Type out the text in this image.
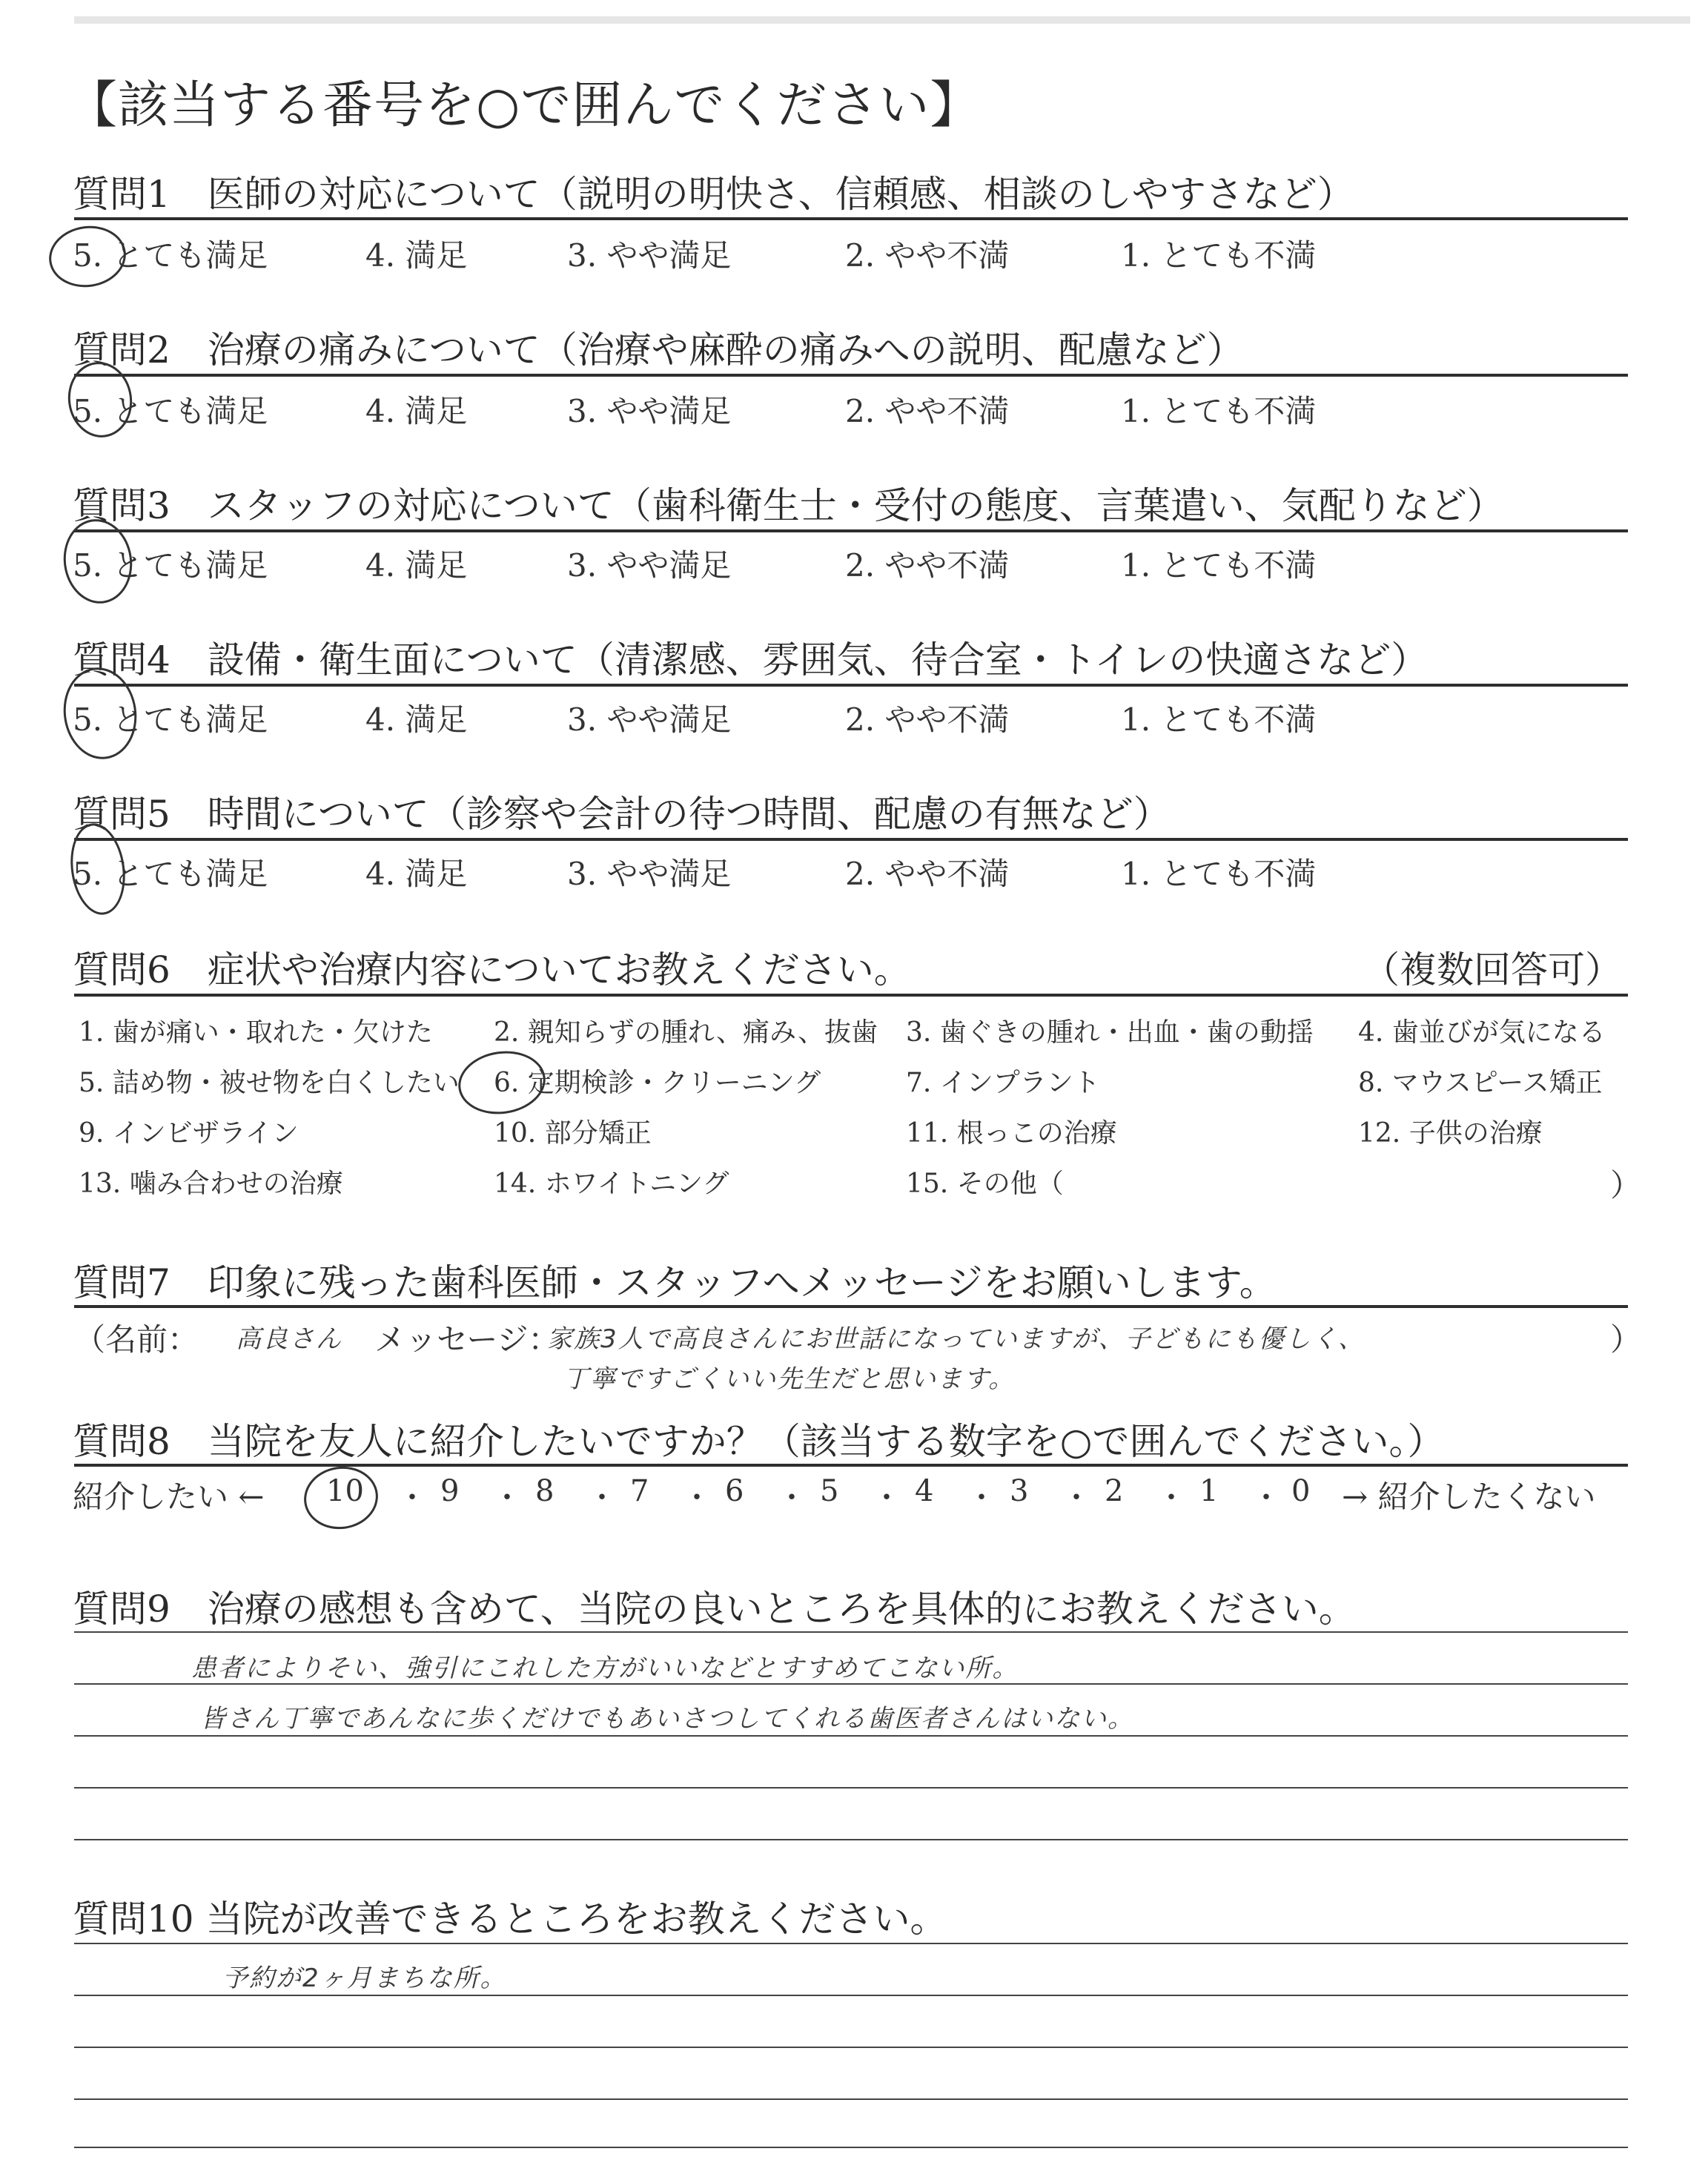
【該当する番号を○で囲んでください】
質問1　医師の対応について（説明の明快さ、信頼感、相談のしやすさなど）
5. とても満足	4. 満足	3. やや満足	2. やや不満	1. とても不満
質問2　治療の痛みについて（治療や麻酔の痛みへの説明、配慮など）
5. とても満足	4. 満足	3. やや満足	2. やや不満	1. とても不満
質問3　スタッフの対応について（歯科衛生士・受付の態度、言葉遣い、気配りなど）
5. とても満足	4. 満足	3. やや満足	2. やや不満	1. とても不満
質問4　設備・衛生面について（清潔感、雰囲気、待合室・トイレの快適さなど）
5. とても満足	4. 満足	3. やや満足	2. やや不満	1. とても不満
質問5　時間について（診察や会計の待つ時間、配慮の有無など）
5. とても満足	4. 満足	3. やや満足	2. やや不満	1. とても不満
質問6　症状や治療内容についてお教えください。	（複数回答可）
1. 歯が痛い・取れた・欠けた 2. 親知らずの腫れ、痛み、抜歯 3. 歯ぐきの腫れ・出血・歯の動揺 4. 歯並びが気になる
5. 詰め物・被せ物を白くしたい 6. 定期検診・クリーニング	7. インプラント	8. マウスピース矯正
9. インビザライン	10. 部分矯正	11. 根っこの治療	12. 子供の治療
13. 噛み合わせの治療	14. ホワイトニング	15. その他（	）
質問7　印象に残った歯科医師・スタッフへメッセージをお願いします。
（名前： 高良さん メッセージ：
家族3人で高良さんにお世話になっていますが、子どもにも優しく、
丁寧ですごくいい先生だと思います。
）
質問8　当院を友人に紹介したいですか？（該当する数字を○で囲んでください。）
紹介したい ← 10 ・ 9 ・ 8 ・ 7 ・ 6 ・ 5 ・ 4 ・ 3 ・ 2 ・ 1 ・ 0 → 紹介したくない
質問9　治療の感想も含めて、当院の良いところを具体的にお教えください。
患者によりそい、強引にこれした方がいいなどとすすめてこない所。
皆さん丁寧であんなに歩くだけでもあいさつしてくれる歯医者さんはいない。
質問10 当院が改善できるところをお教えください。
予約が2ヶ月まちな所。
